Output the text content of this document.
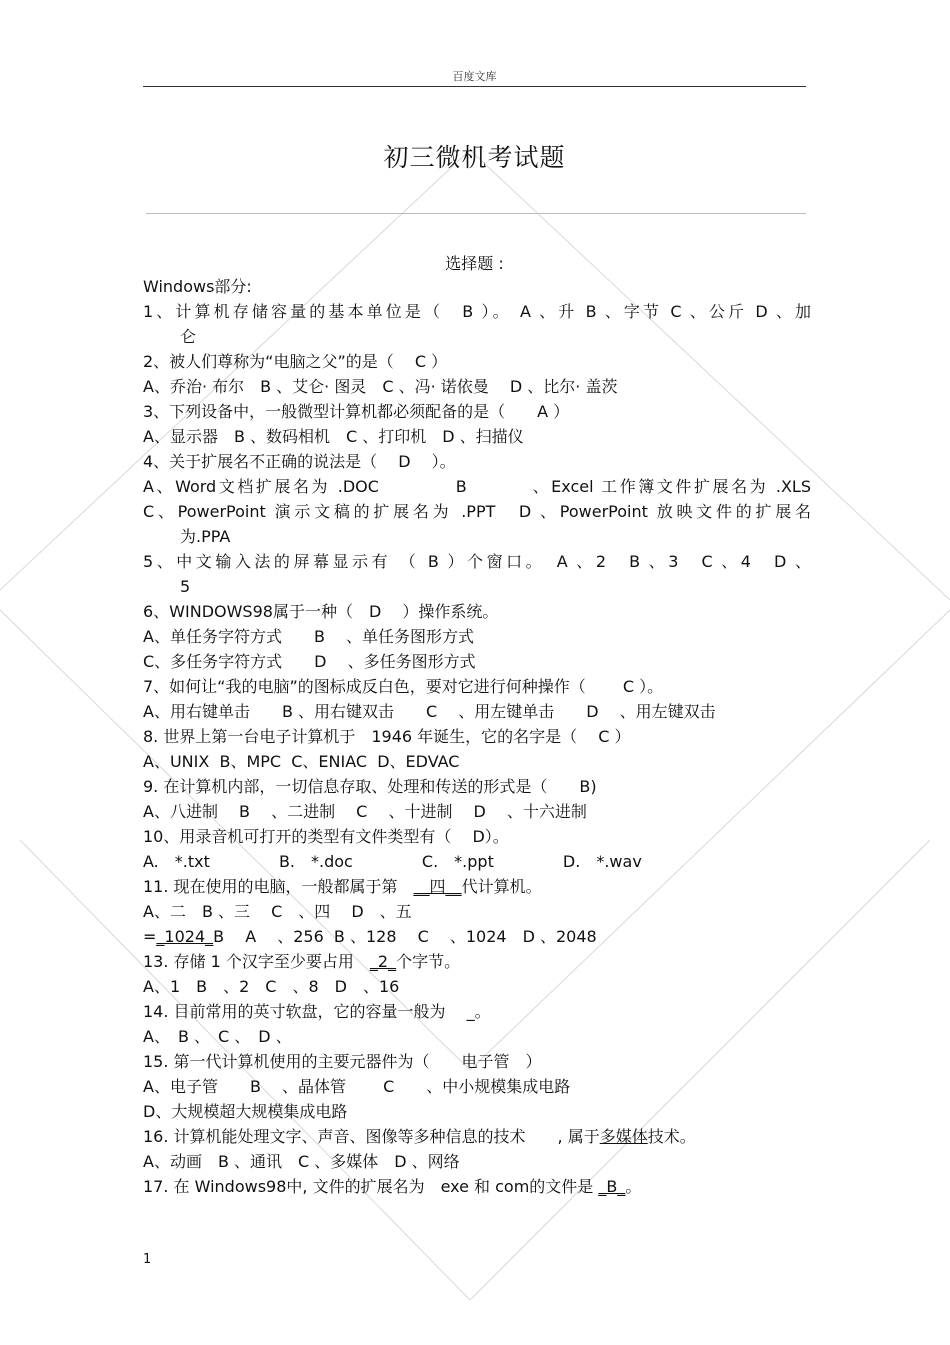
百度文库
初三微机考试题
选择题 :
Windows部分:
1、计算机存储容量的基本单位是（　B ）。 A 、升 B 、字节 C 、公斤 D 、加
仑
2、被人们尊称为“电脑之父”的是（　 C ）
A、乔治· 布尔　B 、艾仑· 图灵　C 、冯· 诺依曼　 D 、比尔· 盖茨
3、下列设备中，一般微型计算机都必须配备的是（　　A ）
A、显示器　B 、数码相机　C 、打印机　D 、扫描仪
4、关于扩展名不正确的说法是（　 D　 ）。
A、Word文档扩展名为 .DOC　　　　B　　　 、Excel 工作簿文件扩展名为 .XLS
C、PowerPoint 演示文稿的扩展名为 .PPT　D 、PowerPoint 放映文件的扩展名
为.PPA
5、中文输入法的屏幕显示有 （ B ）个窗口。　A 、2　B 、3　C 、4　D 、
5
6、WINDOWS98属于一种（　D　 ）操作系统。
A、单任务字符方式　　B　 、单任务图形方式
C、多任务字符方式　　D　 、多任务图形方式
7、如何让“我的电脑”的图标成反白色，要对它进行何种操作（　　 C ）。
A、用右键单击　　B 、用右键双击　　C　 、用左键单击　　D　 、用左键双击
8. 世界上第一台电子计算机于　1946 年诞生，它的名字是（　 C ）
A、UNIX  B、MPC  C、ENIAC  D、EDVAC
9. 在计算机内部，一切信息存取、处理和传送的形式是（　　B)
A、八进制　 B　 、二进制　 C　 、十进制　 D　 、十六进制
10、用录音机可打开的类型有文件类型有（　 D）。
A.　*.txt　　　　 B.　*.doc　　　　 C.　*.ppt　　　　 D.　*.wav
11. 现在使用的电脑，一般都属于第　__四__代计算机。
A、二　B 、三　 C　、四　 D　、五
=_1024_B　 A　 、256  B 、128　 C　 、1024　D 、2048
13. 存储 1 个汉字至少要占用　_2_个字节。
A、1　B　、2　C　、8　D　、16
14. 目前常用的英寸软盘，它的容量一般为　 _。
A、　B 、　C 、　D 、
15. 第一代计算机使用的主要元器件为（　　电子管　）
A、电子管　　B　 、晶体管　　 C　　、中小规模集成电路
D、大规模超大规模集成电路
16. 计算机能处理文字、声音、图像等多种信息的技术　　, 属于多媒体技术。
A、动画　B 、通讯　C 、多媒体　D 、网络
17. 在 Windows98中, 文件的扩展名为　exe 和 com的文件是 _B_。
1
